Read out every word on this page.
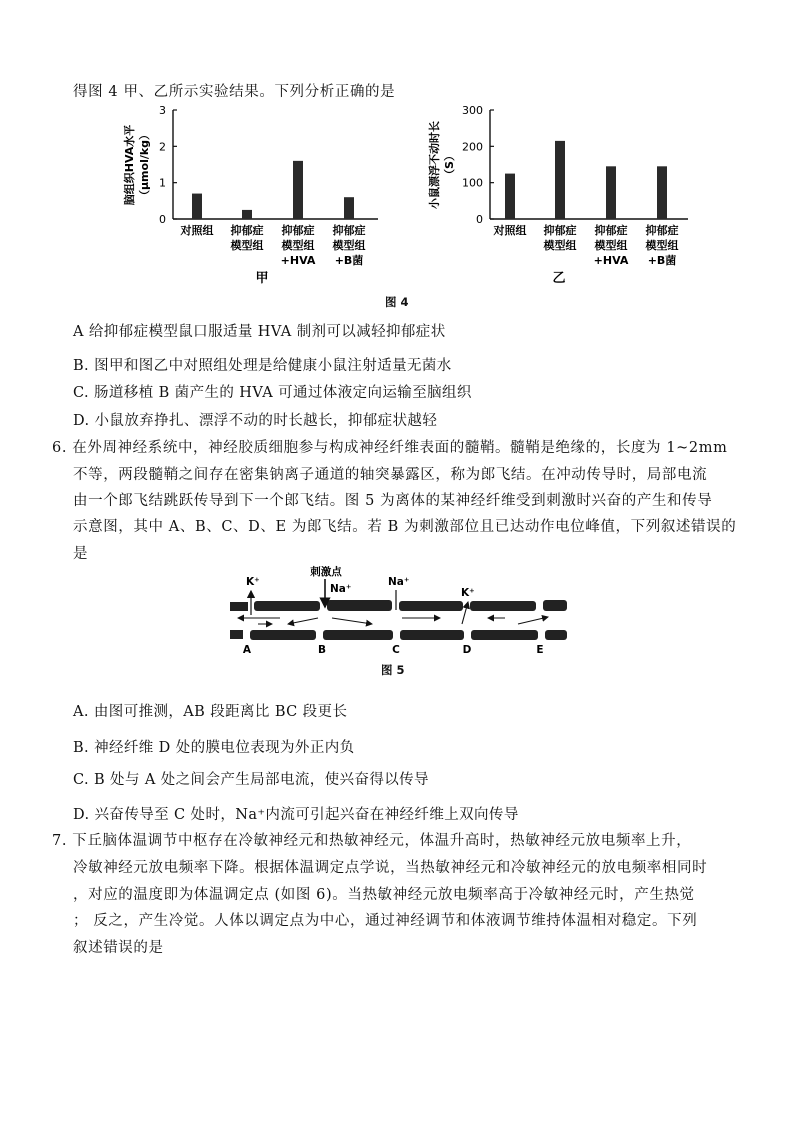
得图 4 甲、乙所示实验结果。下列分析正确的是
脑组织HVA水平 （μmol/kg）
0
1
2
3
对照组 抑郁症
模型组
抑郁症
模型组
+HVA
抑郁症
模型组
+B菌
甲
小鼠漂浮不动时长 （S）
0
100
200
300
对照组 抑郁症
模型组
抑郁症
模型组
+HVA
抑郁症
模型组
+B菌
乙
图 4
A 给抑郁症模型鼠口服适量 HVA 制剂可以减轻抑郁症状
B. 图甲和图乙中对照组处理是给健康小鼠注射适量无菌水
C. 肠道移植 B 菌产生的 HVA 可通过体液定向运输至脑组织
D. 小鼠放弃挣扎、漂浮不动的时长越长，抑郁症状越轻
6. 在外周神经系统中，神经胶质细胞参与构成神经纤维表面的髓鞘。髓鞘是绝缘的，长度为 1~2mm
不等，两段髓鞘之间存在密集钠离子通道的轴突暴露区，称为郎飞结。在冲动传导时，局部电流
由一个郎飞结跳跃传导到下一个郎飞结。图 5 为离体的某神经纤维受到刺激时兴奋的产生和传导
示意图，其中 A、B、C、D、E 为郎飞结。若 B 为刺激部位且已达动作电位峰值，下列叙述错误的
是
刺激点
Na⁺
K⁺	Na⁺
K⁺
A	B	C	D	E
图 5
A. 由图可推测，AB 段距离比 BC 段更长
B. 神经纤维 D 处的膜电位表现为外正内负
C. B 处与 A 处之间会产生局部电流，使兴奋得以传导
D. 兴奋传导至 C 处时，Na⁺内流可引起兴奋在神经纤维上双向传导
7. 下丘脑体温调节中枢存在冷敏神经元和热敏神经元，体温升高时，热敏神经元放电频率上升，
冷敏神经元放电频率下降。根据体温调定点学说，当热敏神经元和冷敏神经元的放电频率相同时
，对应的温度即为体温调定点 (如图 6)。当热敏神经元放电频率高于冷敏神经元时，产生热觉
； 反之，产生冷觉。人体以调定点为中心，通过神经调节和体液调节维持体温相对稳定。下列
叙述错误的是
